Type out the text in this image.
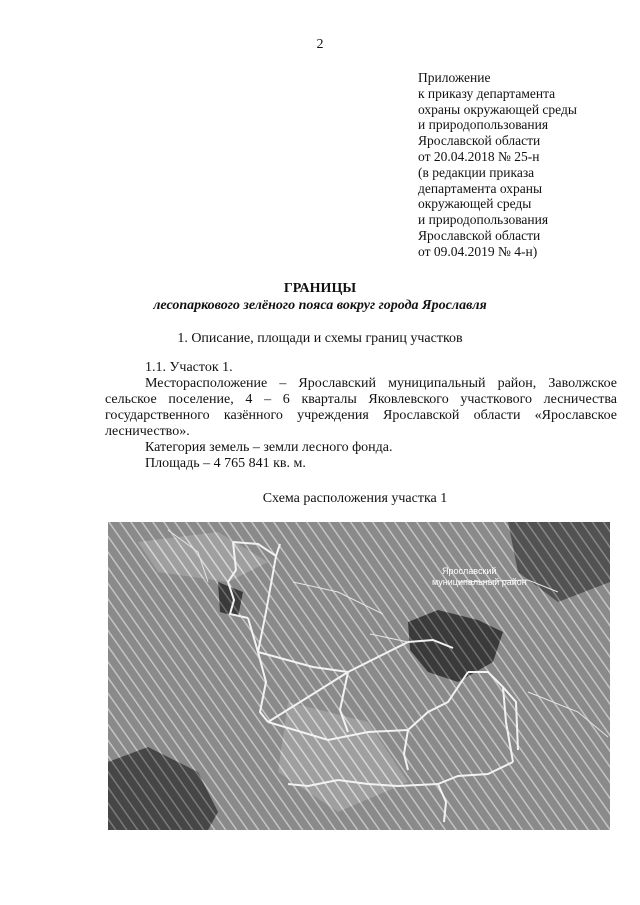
2
Приложение
к приказу департамента
охраны окружающей среды
и природопользования
Ярославской области
от 20.04.2018 № 25-н
(в редакции приказа
департамента охраны
окружающей среды
и природопользования
Ярославской области
от 09.04.2019 № 4-н)
ГРАНИЦЫ
лесопаркового зелёного пояса вокруг города Ярославля
1. Описание, площади и схемы границ участков

1.1. Участок 1.

Месторасположение – Ярославский муниципальный район, Заволжское сельское поселение, 4 – 6 кварталы Яковлевского участкового лесничества государственного казённого учреждения Ярославской области «Ярославское лесничество».

Категория земель – земли лесного фонда.

Площадь – 4 765 841 кв. м.

Схема расположения участка 1
Ярославский
муниципальный район
